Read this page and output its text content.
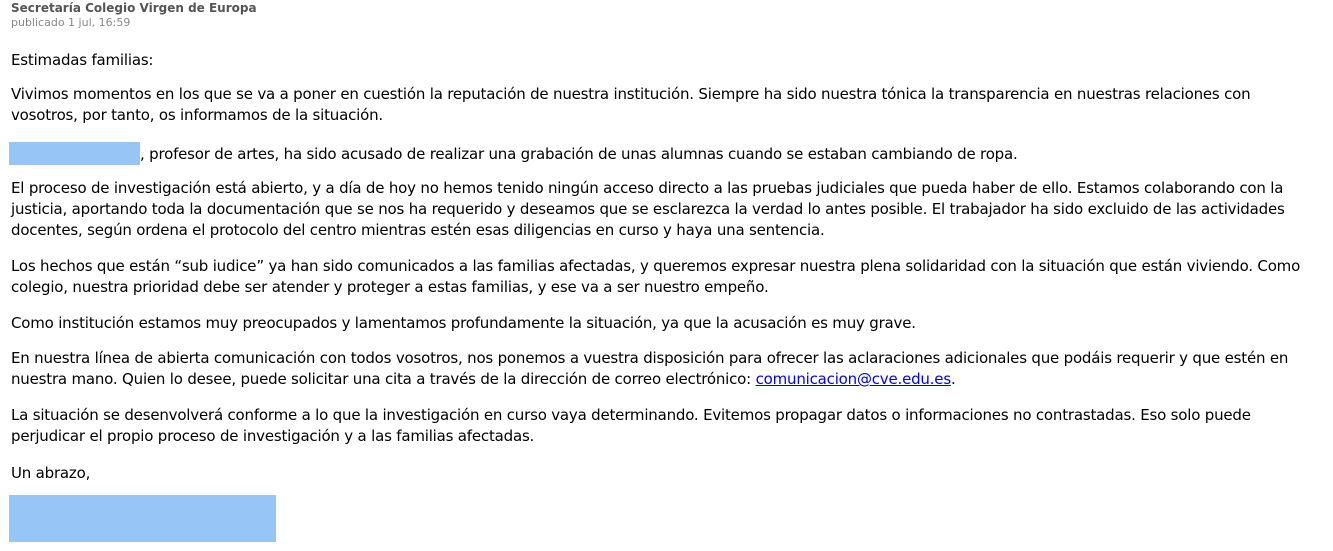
Secretaría Colegio Virgen de Europa
publicado 1 jul, 16:59

Estimadas familias:

Vivimos momentos en los que se va a poner en cuestión la reputación de nuestra institución. Siempre ha sido nuestra tónica la transparencia en nuestras relaciones con vosotros, por tanto, os informamos de la situación.

, profesor de artes, ha sido acusado de realizar una grabación de unas alumnas cuando se estaban cambiando de ropa.

El proceso de investigación está abierto, y a día de hoy no hemos tenido ningún acceso directo a las pruebas judiciales que pueda haber de ello. Estamos colaborando con la justicia, aportando toda la documentación que se nos ha requerido y deseamos que se esclarezca la verdad lo antes posible. El trabajador ha sido excluido de las actividades docentes, según ordena el protocolo del centro mientras estén esas diligencias en curso y haya una sentencia.

Los hechos que están “sub iudice” ya han sido comunicados a las familias afectadas, y queremos expresar nuestra plena solidaridad con la situación que están viviendo. Como colegio, nuestra prioridad debe ser atender y proteger a estas familias, y ese va a ser nuestro empeño.

Como institución estamos muy preocupados y lamentamos profundamente la situación, ya que la acusación es muy grave.

En nuestra línea de abierta comunicación con todos vosotros, nos ponemos a vuestra disposición para ofrecer las aclaraciones adicionales que podáis requerir y que estén en nuestra mano. Quien lo desee, puede solicitar una cita a través de la dirección de correo electrónico: comunicacion@cve.edu.es.

La situación se desenvolverá conforme a lo que la investigación en curso vaya determinando. Evitemos propagar datos o informaciones no contrastadas. Eso solo puede perjudicar el propio proceso de investigación y a las familias afectadas.

Un abrazo,
